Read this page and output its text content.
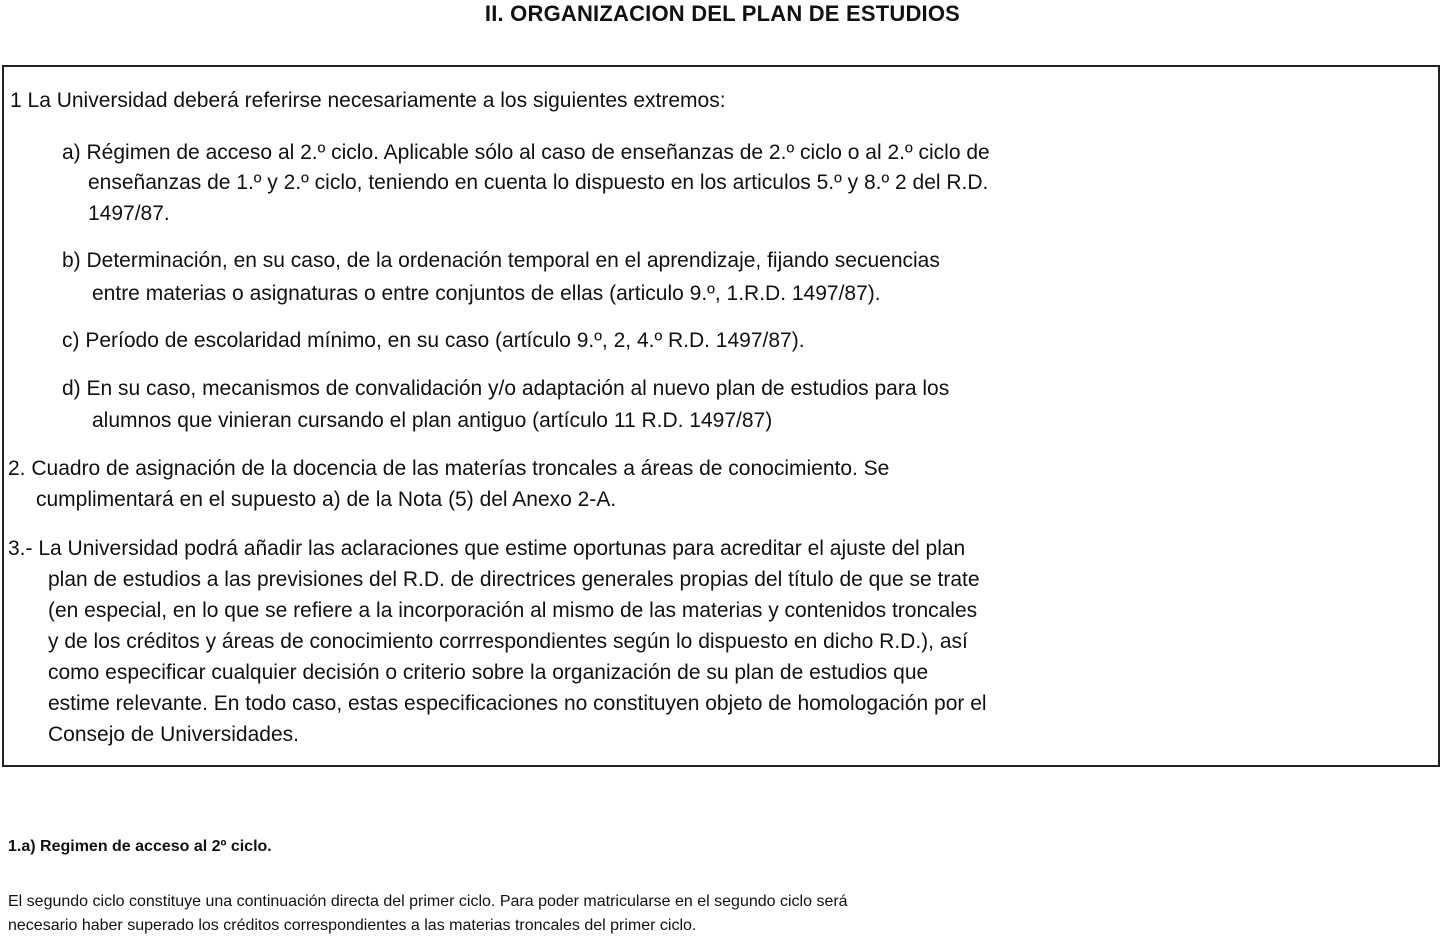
II. ORGANIZACION DEL PLAN DE ESTUDIOS
1 La Universidad deberá referirse necesariamente a los siguientes extremos:
a) Régimen de acceso al 2.º ciclo. Aplicable sólo al caso de enseñanzas de 2.º ciclo o al 2.º ciclo de
enseñanzas de 1.º y 2.º ciclo, teniendo en cuenta lo dispuesto en los articulos 5.º y 8.º 2 del R.D.
1497/87.
b) Determinación, en su caso, de la ordenación temporal en el aprendizaje, fijando secuencias
entre materias o asignaturas o entre conjuntos de ellas (articulo 9.º, 1.R.D. 1497/87).
c) Período de escolaridad mínimo, en su caso (artículo 9.º, 2, 4.º R.D. 1497/87).
d) En su caso, mecanismos de convalidación y/o adaptación al nuevo plan de estudios para los
alumnos que vinieran cursando el plan antiguo (artículo 11 R.D. 1497/87)
2. Cuadro de asignación de la docencia de las materías troncales a áreas de conocimiento. Se
cumplimentará en el supuesto a) de la Nota (5) del Anexo 2-A.
3.- La Universidad podrá añadir las aclaraciones que estime oportunas para acreditar el ajuste del plan
plan de estudios a las previsiones del R.D. de directrices generales propias del título de que se trate
(en especial, en lo que se refiere a la incorporación al mismo de las materias y contenidos troncales
y de los créditos y áreas de conocimiento corrrespondientes según lo dispuesto en dicho R.D.), así
como especificar cualquier decisión o criterio sobre la organización de su plan de estudios que
estime relevante. En todo caso, estas especificaciones no constituyen objeto de homologación por el
Consejo de Universidades.
1.a) Regimen de acceso al 2º ciclo.
El segundo ciclo constituye una continuación directa del primer ciclo. Para poder matricularse en el segundo ciclo será
necesario haber superado los créditos correspondientes a las materias troncales del primer ciclo.
